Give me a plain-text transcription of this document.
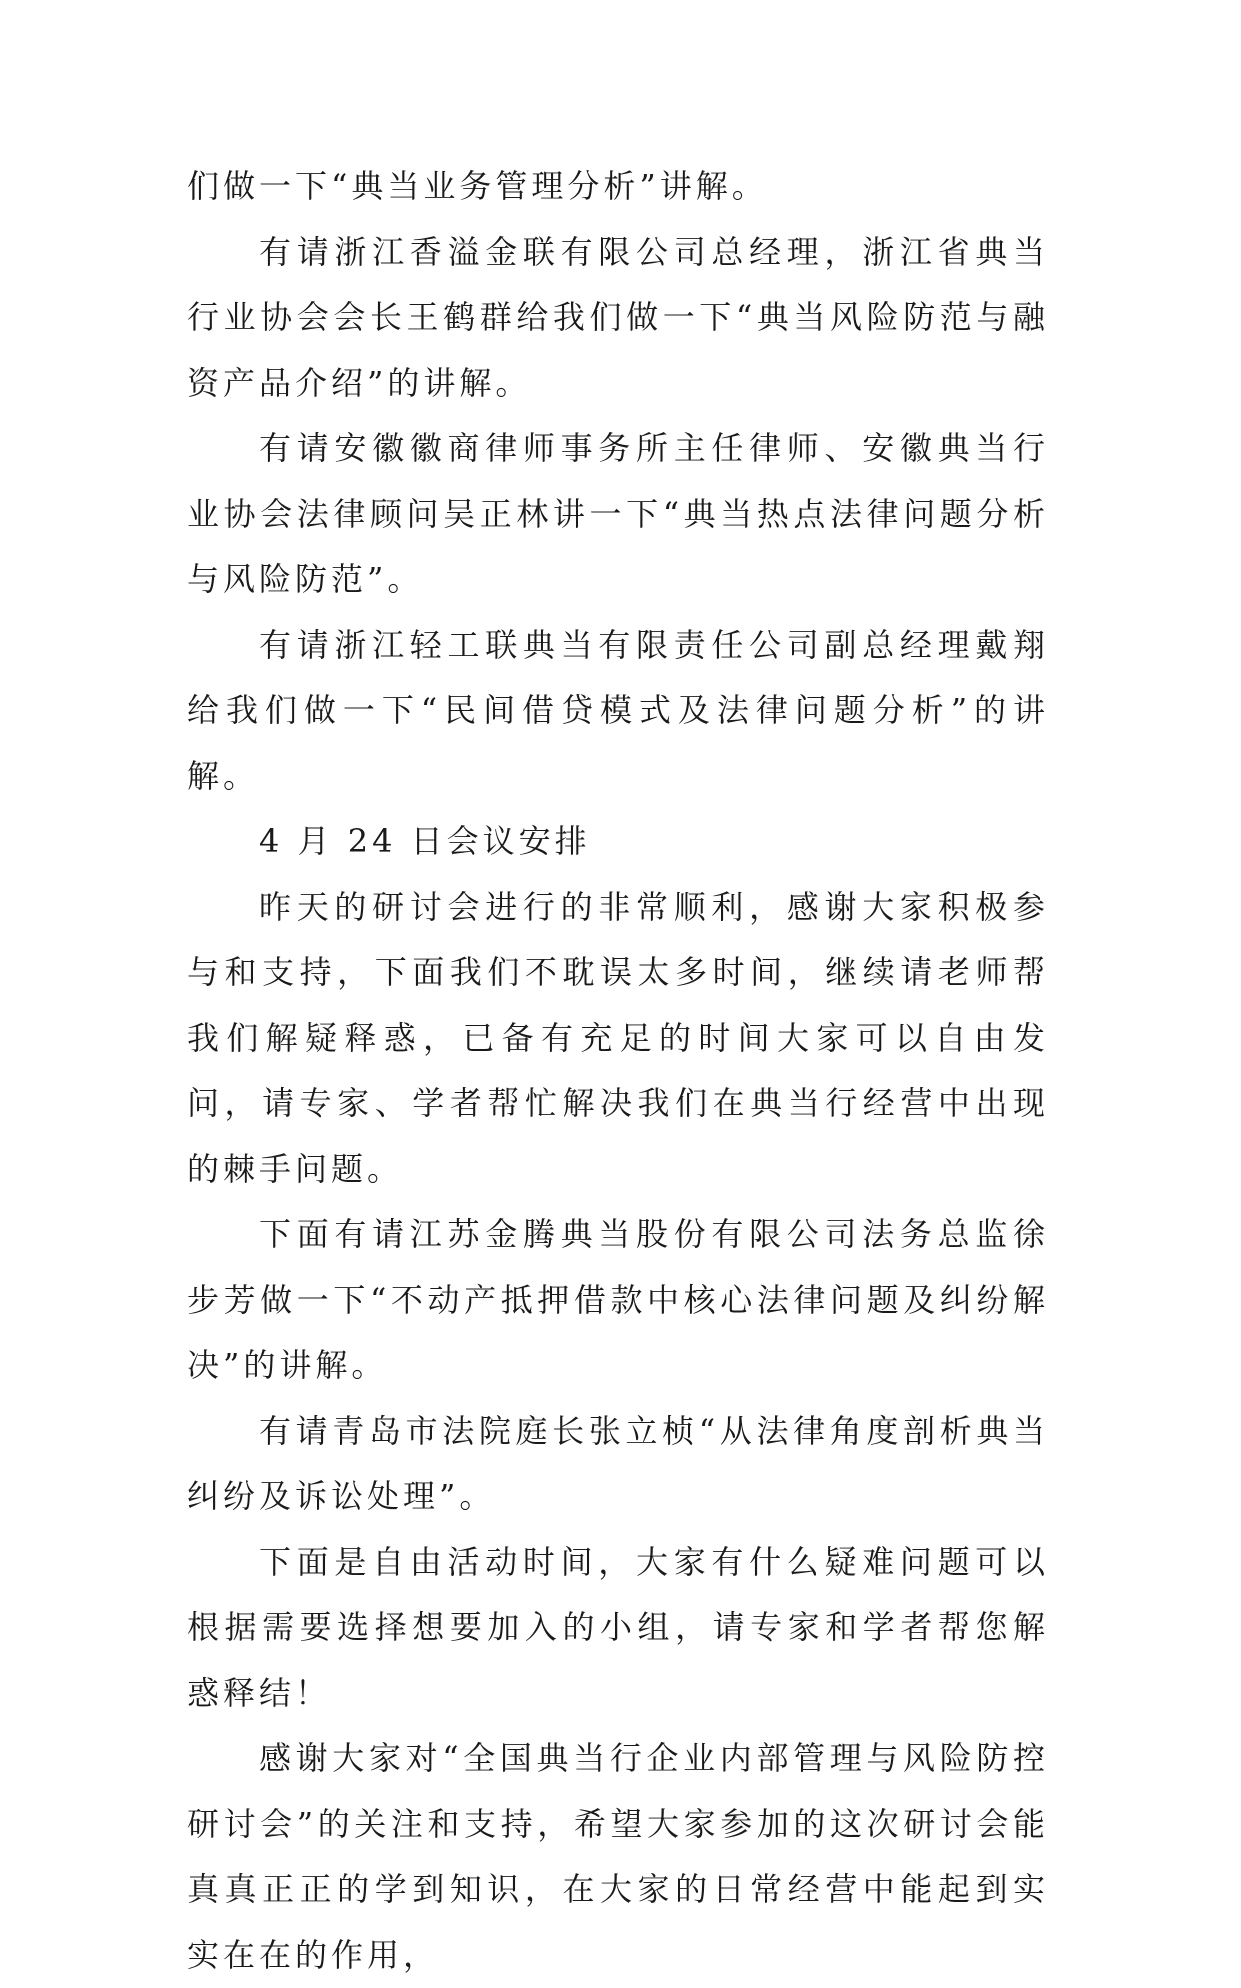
们做一下“典当业务管理分析”讲解。

有请浙江香溢金联有限公司总经理，浙江省典当行业协会会长王鹤群给我们做一下“典当风险防范与融资产品介绍”的讲解。

有请安徽徽商律师事务所主任律师、安徽典当行业协会法律顾问吴正林讲一下“典当热点法律问题分析与风险防范”。

有请浙江轻工联典当有限责任公司副总经理戴翔给我们做一下“民间借贷模式及法律问题分析”的讲解。

4 月 24 日会议安排

昨天的研讨会进行的非常顺利，感谢大家积极参与和支持，下面我们不耽误太多时间，继续请老师帮我们解疑释惑，已备有充足的时间大家可以自由发问，请专家、学者帮忙解决我们在典当行经营中出现的棘手问题。

下面有请江苏金腾典当股份有限公司法务总监徐步芳做一下“不动产抵押借款中核心法律问题及纠纷解决”的讲解。

有请青岛市法院庭长张立桢“从法律角度剖析典当纠纷及诉讼处理”。

下面是自由活动时间，大家有什么疑难问题可以根据需要选择想要加入的小组，请专家和学者帮您解惑释结！

感谢大家对“全国典当行企业内部管理与风险防控研讨会”的关注和支持，希望大家参加的这次研讨会能真真正正的学到知识，在大家的日常经营中能起到实实在在的作用，
